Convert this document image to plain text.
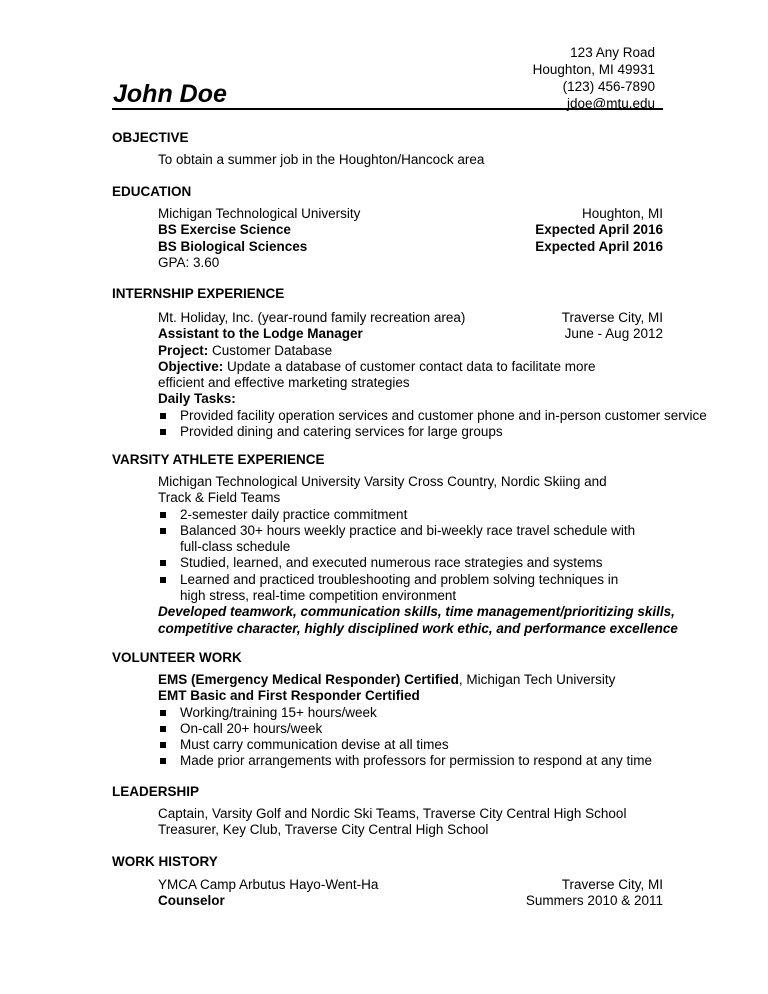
John Doe
123 Any Road
Houghton, MI 49931
(123) 456-7890
jdoe@mtu.edu
OBJECTIVE
To obtain a summer job in the Houghton/Hancock area
EDUCATION
Michigan Technological University	Houghton, MI
BS Exercise Science	Expected April 2016
BS Biological Sciences	Expected April 2016
GPA: 3.60
INTERNSHIP EXPERIENCE
Mt. Holiday, Inc. (year-round family recreation area)	Traverse City, MI
Assistant to the Lodge Manager	June - Aug 2012
Project: Customer Database
Objective: Update a database of customer contact data to facilitate more
efficient and effective marketing strategies
Daily Tasks:
Provided facility operation services and customer phone and in-person customer service
Provided dining and catering services for large groups
VARSITY ATHLETE EXPERIENCE
Michigan Technological University Varsity Cross Country, Nordic Skiing and
Track & Field Teams
2-semester daily practice commitment
Balanced 30+ hours weekly practice and bi-weekly race travel schedule with
full-class schedule
Studied, learned, and executed numerous race strategies and systems
Learned and practiced troubleshooting and problem solving techniques in
high stress, real-time competition environment
Developed teamwork, communication skills, time management/prioritizing skills,
competitive character, highly disciplined work ethic, and performance excellence
VOLUNTEER WORK
EMS (Emergency Medical Responder) Certified, Michigan Tech University
EMT Basic and First Responder Certified
Working/training 15+ hours/week
On-call 20+ hours/week
Must carry communication devise at all times
Made prior arrangements with professors for permission to respond at any time
LEADERSHIP
Captain, Varsity Golf and Nordic Ski Teams, Traverse City Central High School
Treasurer, Key Club, Traverse City Central High School
WORK HISTORY
YMCA Camp Arbutus Hayo-Went-Ha	Traverse City, MI
Counselor	Summers 2010 & 2011
